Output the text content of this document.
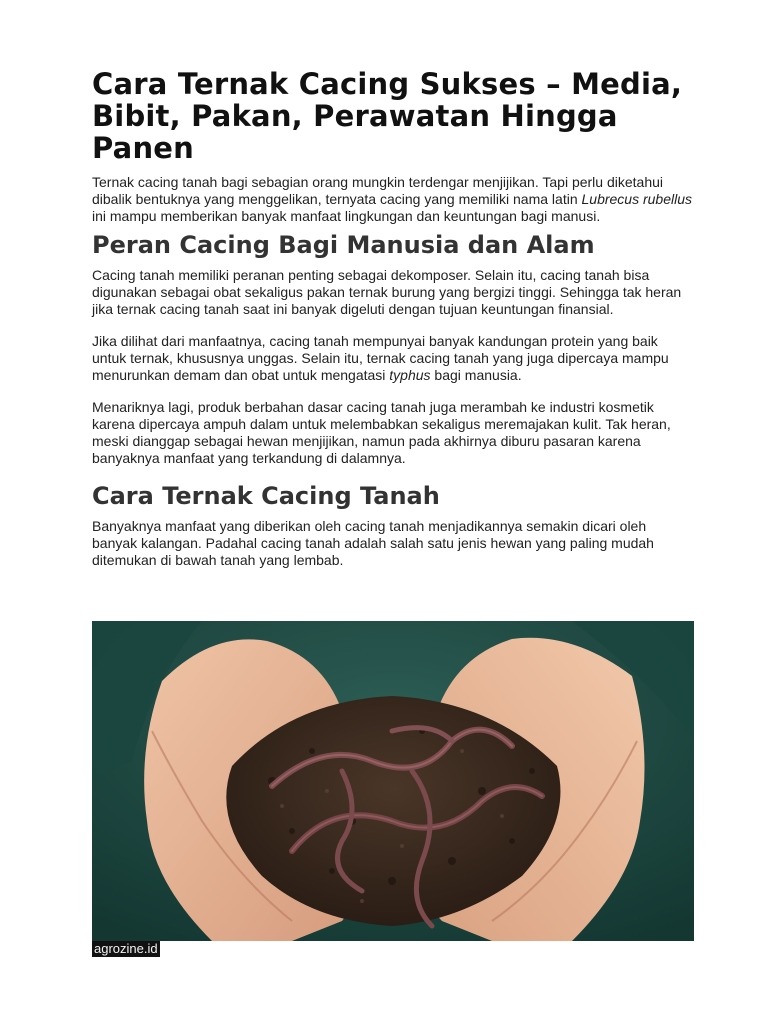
Cara Ternak Cacing Sukses – Media, Bibit, Pakan, Perawatan Hingga Panen

Ternak cacing tanah bagi sebagian orang mungkin terdengar menjijikan. Tapi perlu diketahui dibalik bentuknya yang menggelikan, ternyata cacing yang memiliki nama latin Lubrecus rubellus ini mampu memberikan banyak manfaat lingkungan dan keuntungan bagi manusi.

Peran Cacing Bagi Manusia dan Alam

Cacing tanah memiliki peranan penting sebagai dekomposer. Selain itu, cacing tanah bisa digunakan sebagai obat sekaligus pakan ternak burung yang bergizi tinggi. Sehingga tak heran jika ternak cacing tanah saat ini banyak digeluti dengan tujuan keuntungan finansial.

Jika dilihat dari manfaatnya, cacing tanah mempunyai banyak kandungan protein yang baik untuk ternak, khususnya unggas. Selain itu, ternak cacing tanah yang juga dipercaya mampu menurunkan demam dan obat untuk mengatasi typhus bagi manusia.

Menariknya lagi, produk berbahan dasar cacing tanah juga merambah ke industri kosmetik karena dipercaya ampuh dalam untuk melembabkan sekaligus meremajakan kulit. Tak heran, meski dianggap sebagai hewan menjijikan, namun pada akhirnya diburu pasaran karena banyaknya manfaat yang terkandung di dalamnya.

Cara Ternak Cacing Tanah

Banyaknya manfaat yang diberikan oleh cacing tanah menjadikannya semakin dicari oleh banyak kalangan. Padahal cacing tanah adalah salah satu jenis hewan yang paling mudah ditemukan di bawah tanah yang lembab.

agrozine.id
